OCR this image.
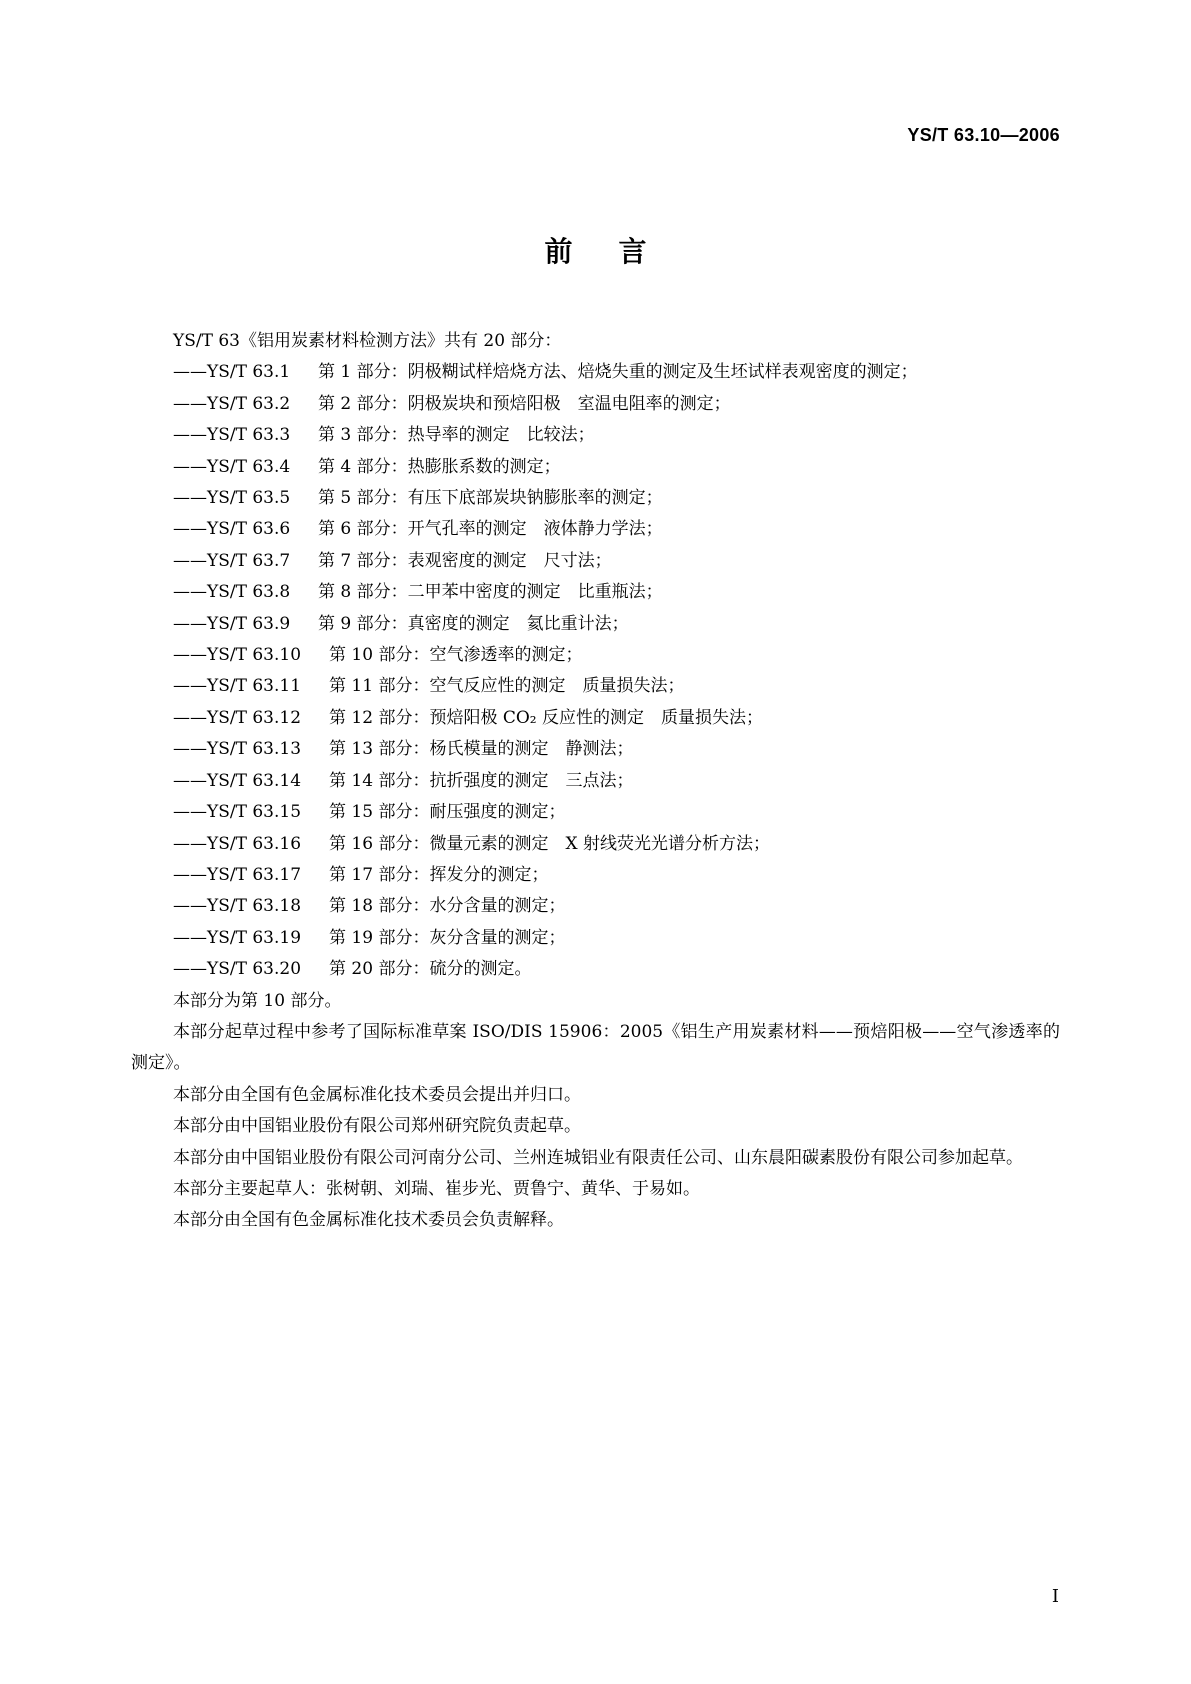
YS/T 63.10—2006
前言

YS/T 63《铝用炭素材料检测方法》共有 20 部分：

——YS/T 63.1 第 1 部分：阴极糊试样焙烧方法、焙烧失重的测定及生坯试样表观密度的测定；
——YS/T 63.2 第 2 部分：阴极炭块和预焙阳极　室温电阻率的测定；
——YS/T 63.3 第 3 部分：热导率的测定　比较法；
——YS/T 63.4 第 4 部分：热膨胀系数的测定；
——YS/T 63.5 第 5 部分：有压下底部炭块钠膨胀率的测定；
——YS/T 63.6 第 6 部分：开气孔率的测定　液体静力学法；
——YS/T 63.7 第 7 部分：表观密度的测定　尺寸法；
——YS/T 63.8 第 8 部分：二甲苯中密度的测定　比重瓶法；
——YS/T 63.9 第 9 部分：真密度的测定　氦比重计法；
——YS/T 63.10 第 10 部分：空气渗透率的测定；
——YS/T 63.11 第 11 部分：空气反应性的测定　质量损失法；
——YS/T 63.12 第 12 部分：预焙阳极 CO₂ 反应性的测定　质量损失法；
——YS/T 63.13 第 13 部分：杨氏模量的测定　静测法；
——YS/T 63.14 第 14 部分：抗折强度的测定　三点法；
——YS/T 63.15 第 15 部分：耐压强度的测定；
——YS/T 63.16 第 16 部分：微量元素的测定　X 射线荧光光谱分析方法；
——YS/T 63.17 第 17 部分：挥发分的测定；
——YS/T 63.18 第 18 部分：水分含量的测定；
——YS/T 63.19 第 19 部分：灰分含量的测定；
——YS/T 63.20 第 20 部分：硫分的测定。

本部分为第 10 部分。

本部分起草过程中参考了国际标准草案 ISO/DIS 15906：2005《铝生产用炭素材料——预焙阳极——空气渗透率的测定》。

本部分由全国有色金属标准化技术委员会提出并归口。

本部分由中国铝业股份有限公司郑州研究院负责起草。

本部分由中国铝业股份有限公司河南分公司、兰州连城铝业有限责任公司、山东晨阳碳素股份有限公司参加起草。

本部分主要起草人：张树朝、刘瑞、崔步光、贾鲁宁、黄华、于易如。

本部分由全国有色金属标准化技术委员会负责解释。

I
